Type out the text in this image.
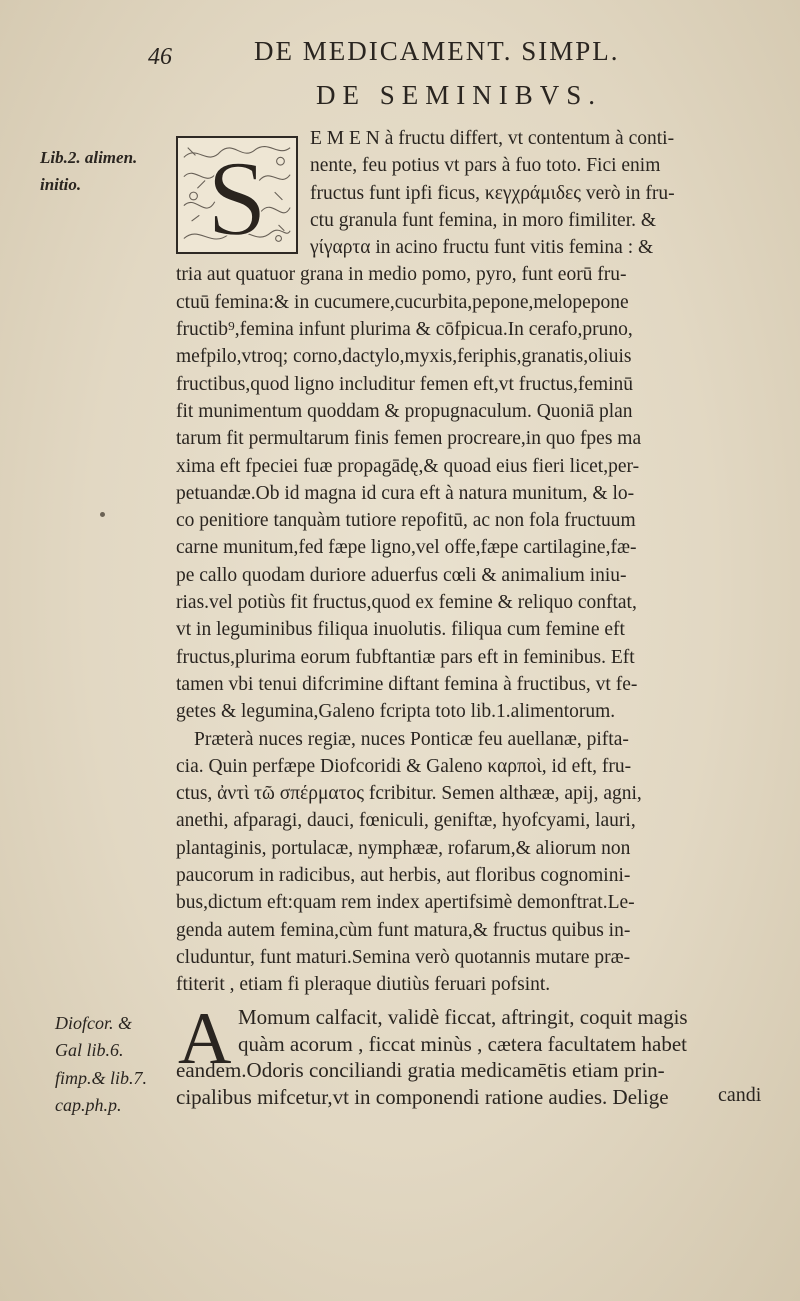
46	DE MEDICAMENT. SIMPL.
DE SEMINIBVS.
Lib.2. alimen.
initio.	S
E M E N à fructu differt, vt contentum à conti-
nente, feu potius vt pars à fuo toto. Fici enim
fructus funt ipfi ficus, κεγχράμιδες verò in fru-
ctu granula funt femina, in moro fimiliter. &
γίγαρτα in acino fructu funt vitis femina : &
tria aut quatuor grana in medio pomo, pyro, funt eorū fru-
ctuū femina:& in cucumere,cucurbita,pepone,melopepone
fructib⁹,femina infunt plurima & cōfpicua.In cerafo,pruno,
mefpilo,vtroq; corno,dactylo,myxis,feriphis,granatis,oliuis
fructibus,quod ligno includitur femen eft,vt fructus,feminū
fit munimentum quoddam & propugnaculum. Quoniā plan
tarum fit permultarum finis femen procreare,in quo fpes ma
xima eft fpeciei fuæ propagādę,& quoad eius fieri licet,per-
petuandæ.Ob id magna id cura eft à natura munitum, & lo-
co penitiore tanquàm tutiore repofitū, ac non fola fructuum
carne munitum,fed fæpe ligno,vel offe,fæpe cartilagine,fæ-
pe callo quodam duriore aduerfus cœli & animalium iniu-
rias.vel potiùs fit fructus,quod ex femine & reliquo conftat,
vt in leguminibus filiqua inuolutis. filiqua cum femine eft
fructus,plurima eorum fubftantiæ pars eft in feminibus. Eft
tamen vbi tenui difcrimine diftant femina à fructibus, vt fe-
getes & legumina,Galeno fcripta toto lib.1.alimentorum.
Præterà nuces regiæ, nuces Ponticæ feu auellanæ, pifta-
cia. Quin perfæpe Diofcoridi & Galeno καρποὶ, id eft, fru-
ctus, ἀντὶ τῶ σπέρματος fcribitur. Semen althææ, apij, agni,
anethi, afparagi, dauci, fœniculi, geniftæ, hyofcyami, lauri,
plantaginis, portulacæ, nymphææ, rofarum,& aliorum non
paucorum in radicibus, aut herbis, aut floribus cognomini-
bus,dictum eft:quam rem index apertifsimè demonftrat.Le-
genda autem femina,cùm funt matura,& fructus quibus in-
cluduntur, funt maturi.Semina verò quotannis mutare præ-
ftiterit , etiam fi pleraque diutiùs feruari pofsint.
Diofcor. &
Gal lib.6.
fimp.& lib.7.
cap.ph.p.
A Momum calfacit, validè ficcat, aftringit, coquit magis
quàm acorum , ficcat minùs , cætera facultatem habet
eandem.Odoris conciliandi gratia medicamētis etiam prin-
cipalibus mifcetur,vt in componendi ratione audies. Delige	candi
